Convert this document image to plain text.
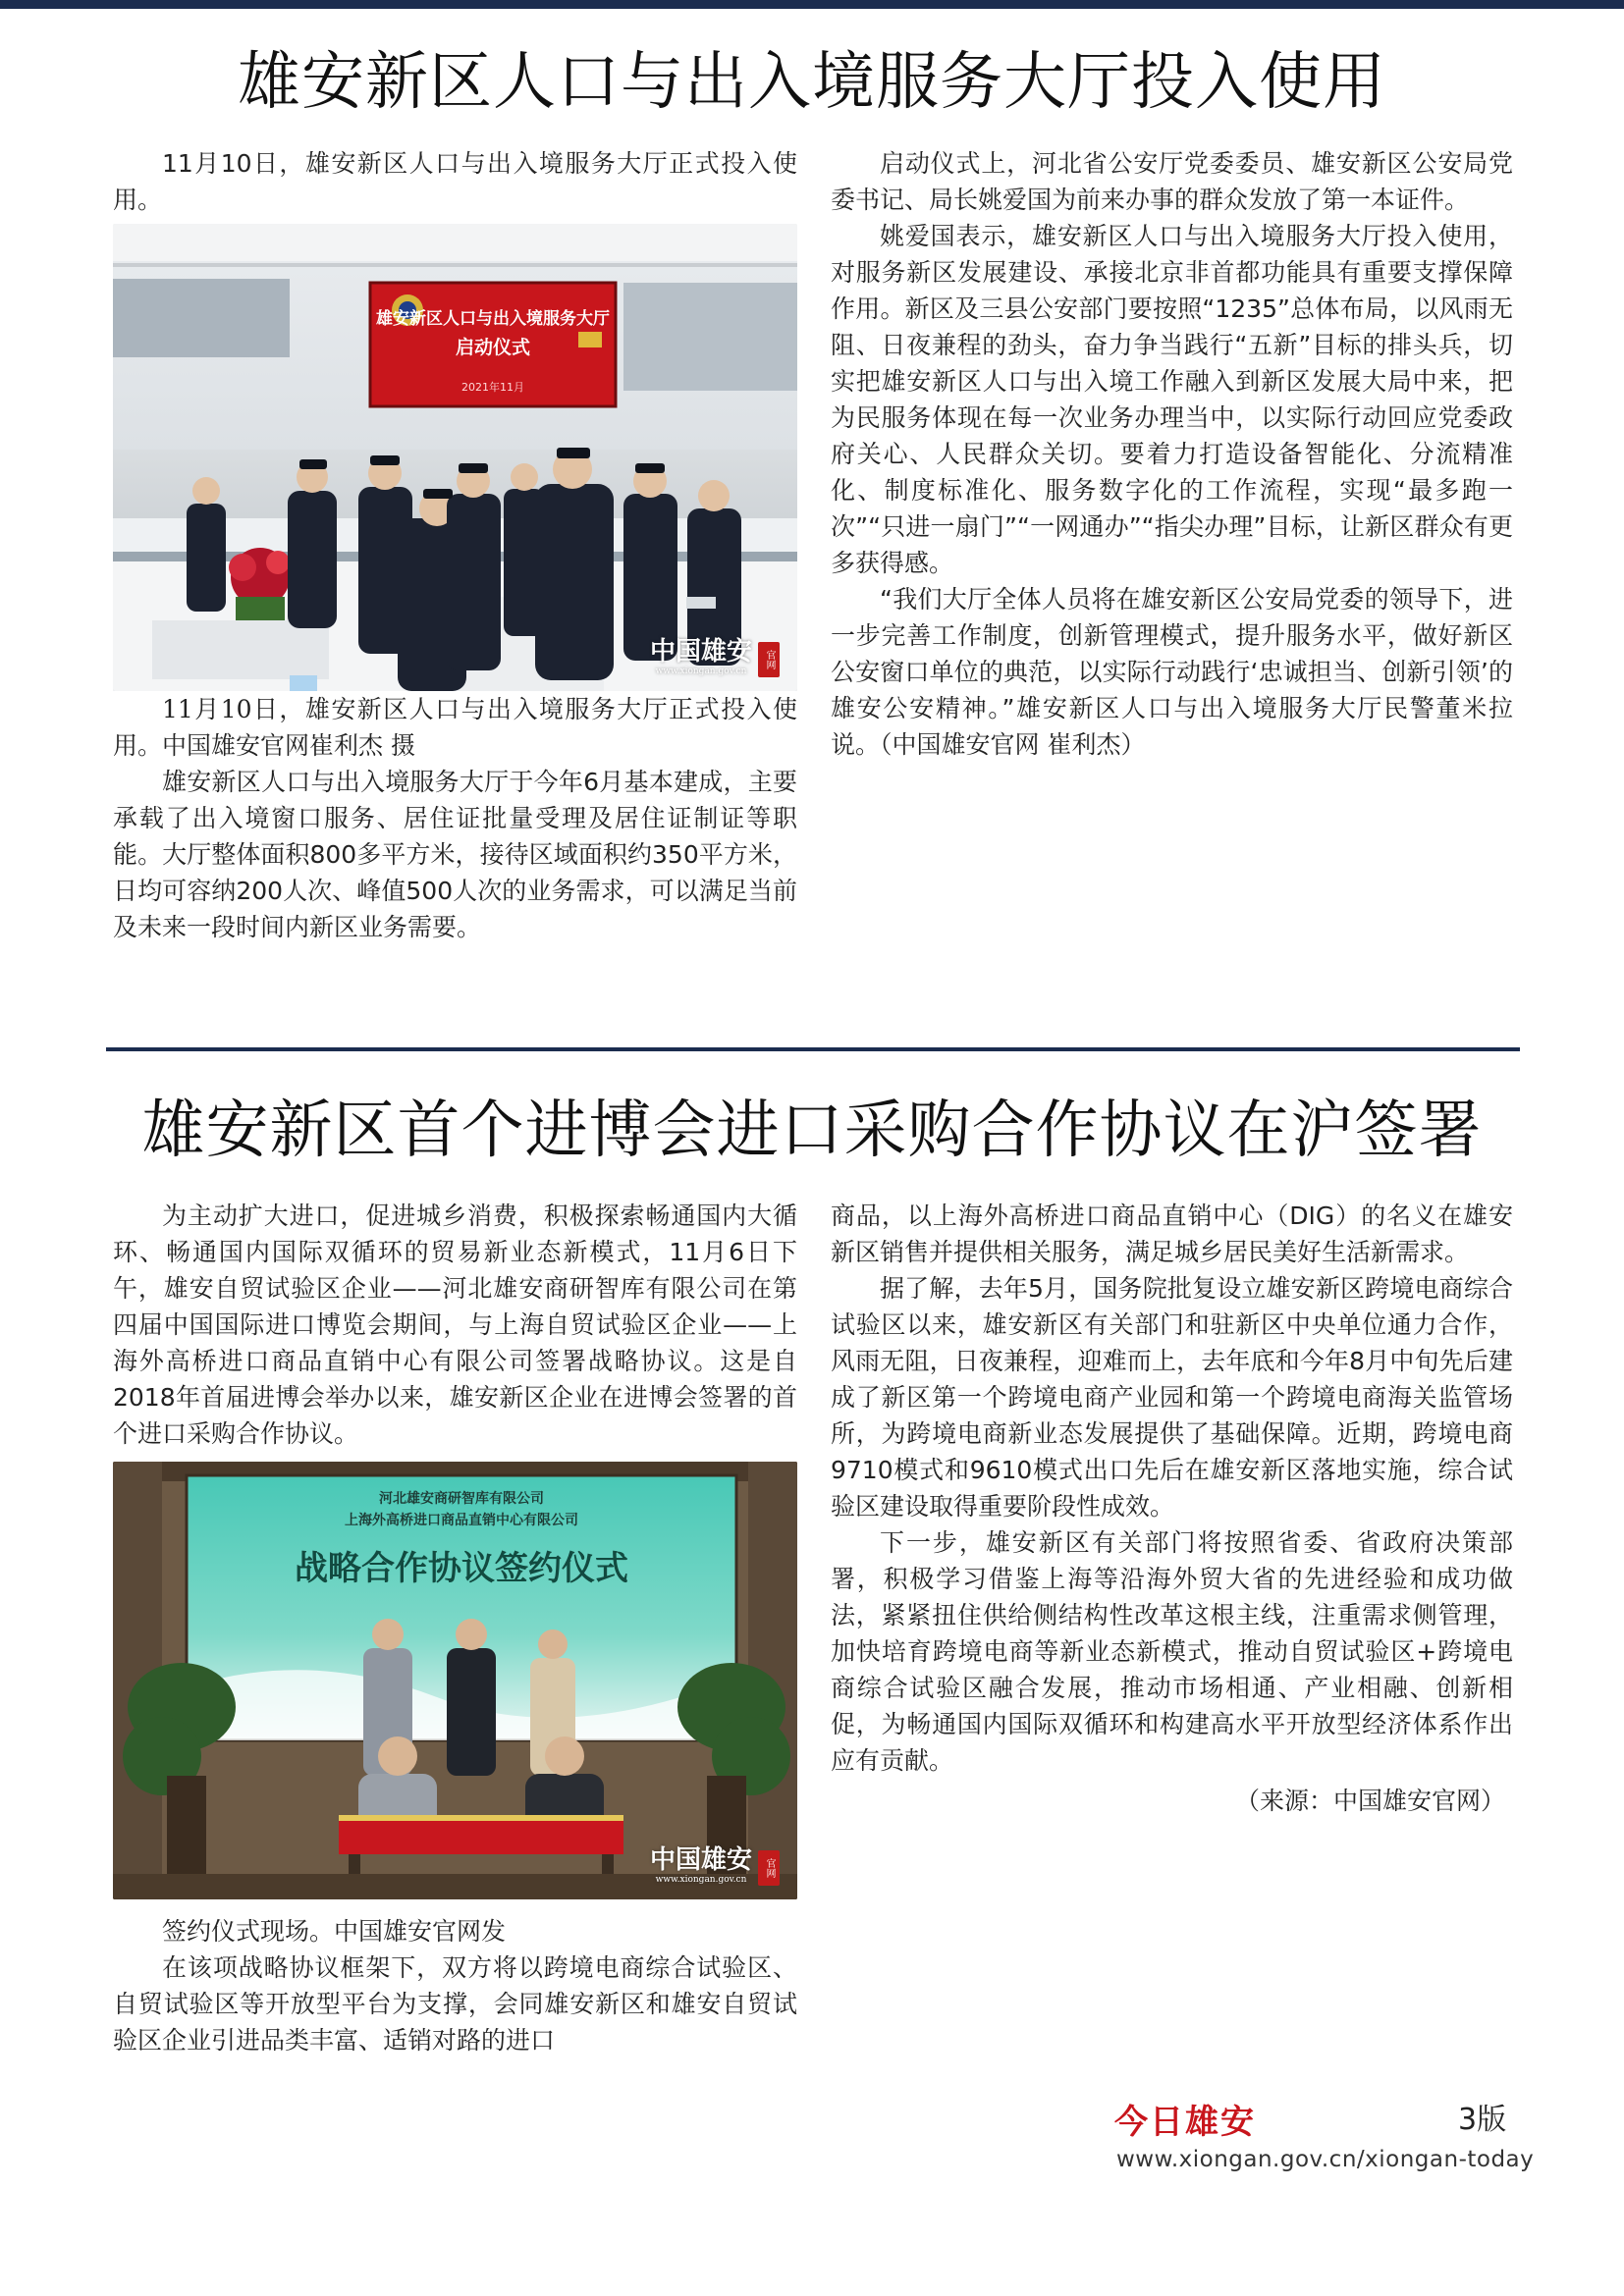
雄安新区人口与出入境服务大厅投入使用

11月10日，雄安新区人口与出入境服务大厅正式投入使用。

雄安新区人口与出入境服务大厅
启动仪式
2021年11月
中国雄安
www.xiongan.gov.cn
官网

11月10日，雄安新区人口与出入境服务大厅正式投入使用。中国雄安官网崔利杰 摄

雄安新区人口与出入境服务大厅于今年6月基本建成，主要承载了出入境窗口服务、居住证批量受理及居住证制证等职能。大厅整体面积800多平方米，接待区域面积约350平方米，日均可容纳200人次、峰值500人次的业务需求，可以满足当前及未来一段时间内新区业务需要。

启动仪式上，河北省公安厅党委委员、雄安新区公安局党委书记、局长姚爱国为前来办事的群众发放了第一本证件。

姚爱国表示，雄安新区人口与出入境服务大厅投入使用，对服务新区发展建设、承接北京非首都功能具有重要支撑保障作用。新区及三县公安部门要按照“1235”总体布局，以风雨无阻、日夜兼程的劲头，奋力争当践行“五新”目标的排头兵，切实把雄安新区人口与出入境工作融入到新区发展大局中来，把为民服务体现在每一次业务办理当中，以实际行动回应党委政府关心、人民群众关切。要着力打造设备智能化、分流精准化、制度标准化、服务数字化的工作流程，实现“最多跑一次”“只进一扇门”“一网通办”“指尖办理”目标，让新区群众有更多获得感。

“我们大厅全体人员将在雄安新区公安局党委的领导下，进一步完善工作制度，创新管理模式，提升服务水平，做好新区公安窗口单位的典范，以实际行动践行‘忠诚担当、创新引领’的雄安公安精神。”雄安新区人口与出入境服务大厅民警董米拉说。（中国雄安官网 崔利杰）

雄安新区首个进博会进口采购合作协议在沪签署

为主动扩大进口，促进城乡消费，积极探索畅通国内大循环、畅通国内国际双循环的贸易新业态新模式，11月6日下午，雄安自贸试验区企业——河北雄安商研智库有限公司在第四届中国国际进口博览会期间，与上海自贸试验区企业——上海外高桥进口商品直销中心有限公司签署战略协议。这是自2018年首届进博会举办以来，雄安新区企业在进博会签署的首个进口采购合作协议。

河北雄安商研智库有限公司
上海外高桥进口商品直销中心有限公司
战略合作协议签约仪式
中国雄安
www.xiongan.gov.cn
官网

签约仪式现场。中国雄安官网发

在该项战略协议框架下，双方将以跨境电商综合试验区、自贸试验区等开放型平台为支撑，会同雄安新区和雄安自贸试验区企业引进品类丰富、适销对路的进口

商品，以上海外高桥进口商品直销中心（DIG）的名义在雄安新区销售并提供相关服务，满足城乡居民美好生活新需求。

据了解，去年5月，国务院批复设立雄安新区跨境电商综合试验区以来，雄安新区有关部门和驻新区中央单位通力合作，风雨无阻，日夜兼程，迎难而上，去年底和今年8月中旬先后建成了新区第一个跨境电商产业园和第一个跨境电商海关监管场所，为跨境电商新业态发展提供了基础保障。近期，跨境电商9710模式和9610模式出口先后在雄安新区落地实施，综合试验区建设取得重要阶段性成效。

下一步，雄安新区有关部门将按照省委、省政府决策部署，积极学习借鉴上海等沿海外贸大省的先进经验和成功做法，紧紧扭住供给侧结构性改革这根主线，注重需求侧管理，加快培育跨境电商等新业态新模式，推动自贸试验区+跨境电商综合试验区融合发展，推动市场相通、产业相融、创新相促，为畅通国内国际双循环和构建高水平开放型经济体系作出应有贡献。

（来源：中国雄安官网）

今日雄安	3版
www.xiongan.gov.cn/xiongan-today
